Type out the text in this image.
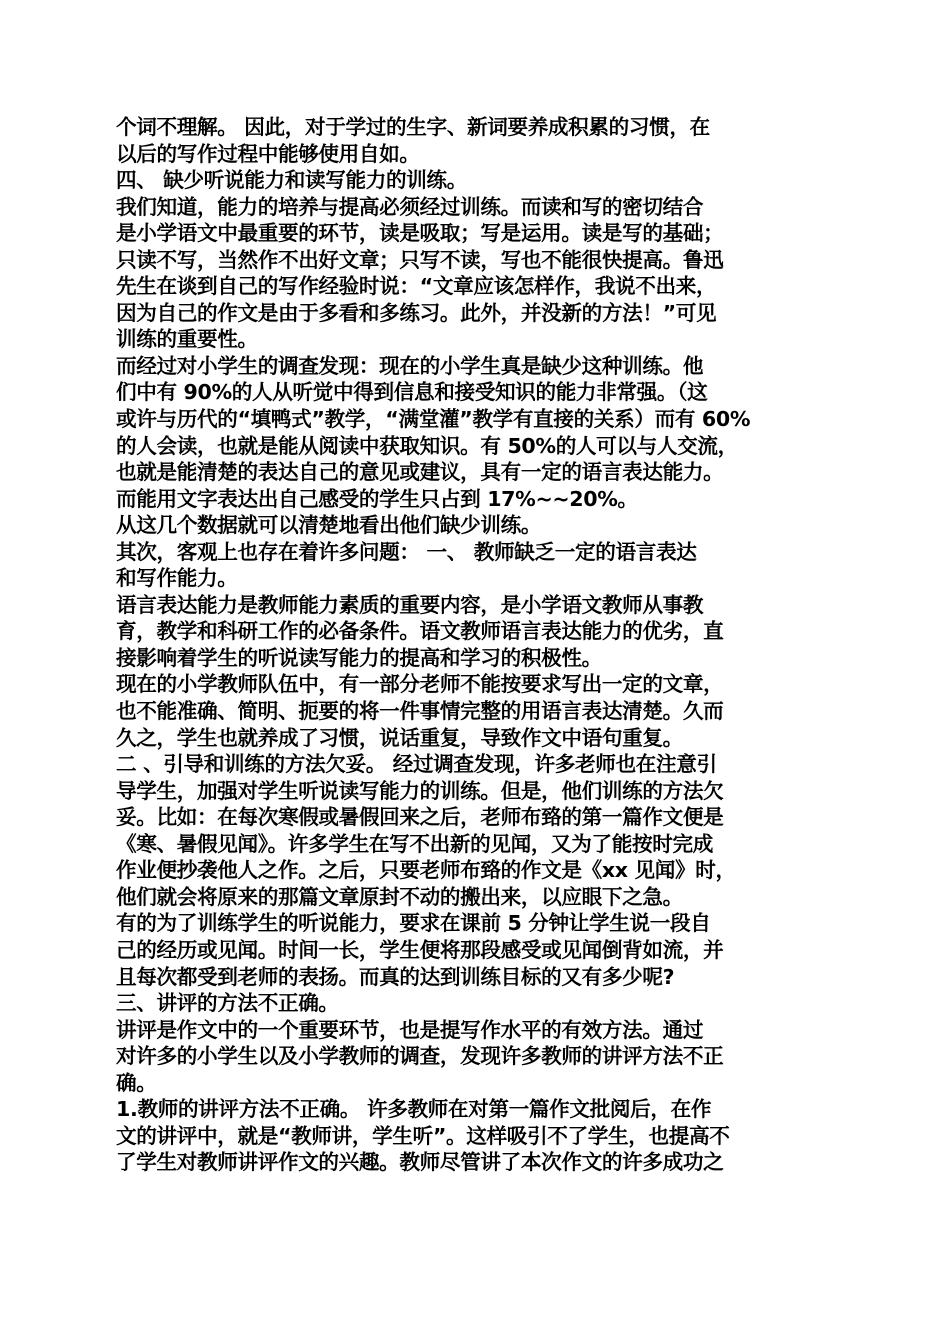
个词不理解。 因此，对于学过的生字、新词要养成积累的习惯，在
以后的写作过程中能够使用自如。
四、 缺少听说能力和读写能力的训练。
我们知道，能力的培养与提高必须经过训练。而读和写的密切结合
是小学语文中最重要的环节，读是吸取；写是运用。读是写的基础；
只读不写，当然作不出好文章；只写不读，写也不能很快提高。鲁迅
先生在谈到自己的写作经验时说：“文章应该怎样作，我说不出来，
因为自己的作文是由于多看和多练习。此外，并没新的方法！”可见
训练的重要性。
而经过对小学生的调查发现：现在的小学生真是缺少这种训练。他
们中有 90%的人从听觉中得到信息和接受知识的能力非常强。（这
或许与历代的“填鸭式”教学，“满堂灌”教学有直接的关系）而有 60%
的人会读，也就是能从阅读中获取知识。有 50%的人可以与人交流，
也就是能清楚的表达自己的意见或建议，具有一定的语言表达能力。
而能用文字表达出自己感受的学生只占到 17%~~20%。
从这几个数据就可以清楚地看出他们缺少训练。
其次，客观上也存在着许多问题： 一、 教师缺乏一定的语言表达
和写作能力。
语言表达能力是教师能力素质的重要内容，是小学语文教师从事教
育，教学和科研工作的必备条件。语文教师语言表达能力的优劣，直
接影响着学生的听说读写能力的提高和学习的积极性。
现在的小学教师队伍中，有一部分老师不能按要求写出一定的文章，
也不能准确、简明、扼要的将一件事情完整的用语言表达清楚。久而
久之，学生也就养成了习惯，说话重复，导致作文中语句重复。
二 、引导和训练的方法欠妥。 经过调查发现，许多老师也在注意引
导学生，加强对学生听说读写能力的训练。但是，他们训练的方法欠
妥。比如：在每次寒假或暑假回来之后，老师布臵的第一篇作文便是
《寒、暑假见闻》。许多学生在写不出新的见闻，又为了能按时完成
作业便抄袭他人之作。之后，只要老师布臵的作文是《xx 见闻》时，
他们就会将原来的那篇文章原封不动的搬出来，以应眼下之急。
有的为了训练学生的听说能力，要求在课前 5 分钟让学生说一段自
己的经历或见闻。时间一长，学生便将那段感受或见闻倒背如流，并
且每次都受到老师的表扬。而真的达到训练目标的又有多少呢?
三、讲评的方法不正确。
讲评是作文中的一个重要环节，也是提写作水平的有效方法。通过
对许多的小学生以及小学教师的调查，发现许多教师的讲评方法不正
确。
1.教师的讲评方法不正确。 许多教师在对第一篇作文批阅后，在作
文的讲评中，就是“教师讲，学生听”。这样吸引不了学生，也提高不
了学生对教师讲评作文的兴趣。教师尽管讲了本次作文的许多成功之
